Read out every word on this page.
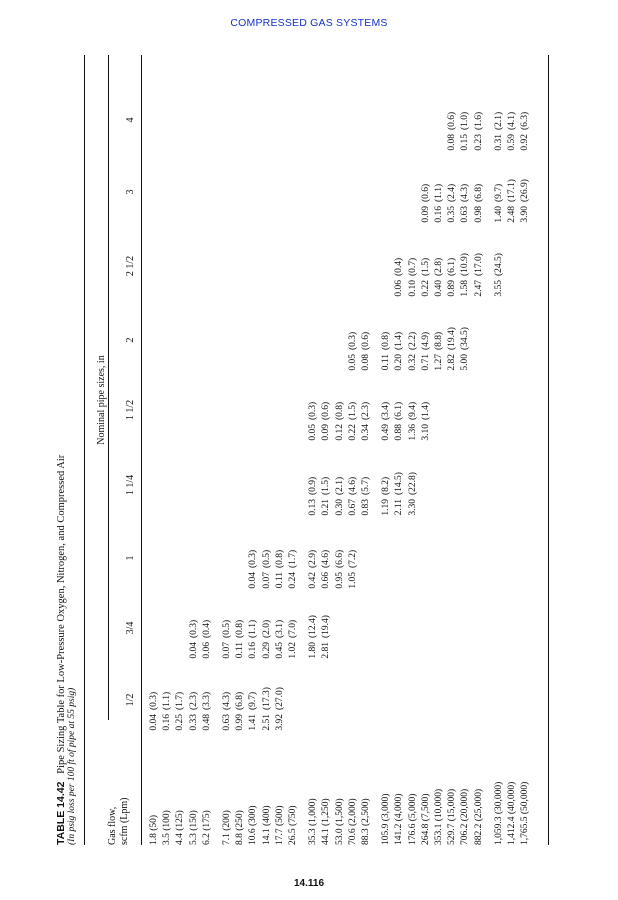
COMPRESSED GAS SYSTEMS
TABLE 14.42   Pipe Sizing Table for Low-Pressure Oxygen, Nitrogen, and Compressed Air (In psig loss per 100 ft of pipe at 55 psig)	Gas flow, scfm (Lpm)
Nominal pipe sizes, in
1/2
3/4
1
1 1/4
1 1/2
2
2 1/2
3
4
1.8 (50)
0.04
(0.3)
3.5 (100)
0.16
(1.1)
4.4 (125)
0.25
(1.7)
5.3 (150)
0.33
(2.3)
0.04
(0.3)
6.2 (175)
0.48
(3.3)
0.06
(0.4)
7.1 (200)
0.63
(4.3)
0.07
(0.5)
8.8 (250)
0.99
(6.8)
0.11
(0.8)
10.6 (300)
1.41
(9.7)
0.16
(1.1)
0.04
(0.3)
14.1 (400)
2.51
(17.3)
0.29
(2.0)
0.07
(0.5)
17.7 (500)
3.92
(27.0)
0.45
(3.1)
0.11
(0.8)
26.5 (750)
1.02
(7.0)
0.24
(1.7)
35.3 (1,000)
1.80
(12.4)
0.42
(2.9)
0.13
(0.9)
0.05
(0.3)
44.1 (1,250)
2.81
(19.4)
0.66
(4.6)
0.21
(1.5)
0.09
(0.6)
53.0 (1,500)
0.95
(6.6)
0.30
(2.1)
0.12
(0.8)
70.6 (2,000)
1.05
(7.2)
0.67
(4.6)
0.22
(1.5)
0.05
(0.3)
88.3 (2,500)
0.83
(5.7)
0.34
(2.3)
0.08
(0.6)
105.9 (3,000)
1.19
(8.2)
0.49
(3.4)
0.11
(0.8)
141.2 (4,000)
2.11
(14.5)
0.88
(6.1)
0.20
(1.4)
0.06
(0.4)
176.6 (5,000)
3.30
(22.8)
1.36
(9.4)
0.32
(2.2)
0.10
(0.7)
264.8 (7,500)
3.10
(1.4)
0.71
(4.9)
0.22
(1.5)
0.09
(0.6)
353.1 (10,000)
1.27
(8.8)
0.40
(2.8)
0.16
(1.1)
529.7 (15,000)
2.82
(19.4)
0.89
(6.1)
0.35
(2.4)
0.08
(0.6)
706.2 (20,000)
5.00
(34.5)
1.58
(10.9)
0.63
(4.3)
0.15
(1.0)
882.2 (25,000)
2.47
(17.0)
0.98
(6.8)
0.23
(1.6)
1,059.3 (30,000)
3.55
(24.5)
1.40
(9.7)
0.31
(2.1)
1,412.4 (40,000)
2.48
(17.1)
0.59
(4.1)
1,765.5 (50,000)
3.90
(26.9)
0.92
(6.3)
14.116
